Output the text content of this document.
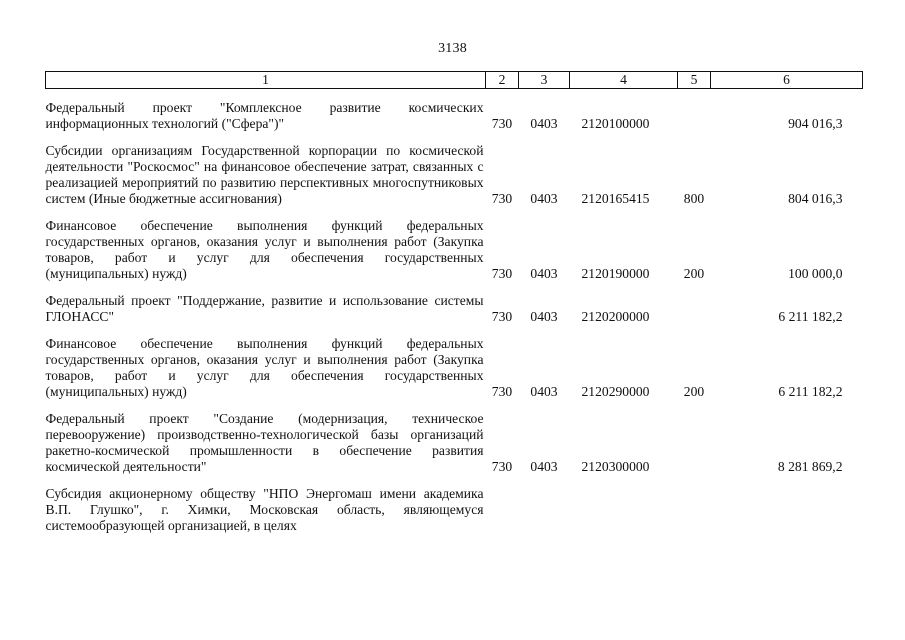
3138
1	2	3	4	5	6

Федеральный проект "Комплексное развитие космических информационных технологий ("Сфера")"	730	0403	2120100000		904 016,3

Субсидии организациям Государственной корпорации по космической деятельности "Роскосмос" на финансовое обеспечение затрат, связанных с реализацией мероприятий по развитию перспективных многоспутниковых систем (Иные бюджетные ассигнования)	730	0403	2120165415	800	804 016,3

Финансовое обеспечение выполнения функций федеральных государственных органов, оказания услуг и выполнения работ (Закупка товаров, работ и услуг для обеспечения государственных (муниципальных) нужд)	730	0403	2120190000	200	100 000,0

Федеральный проект "Поддержание, развитие и использование системы ГЛОНАСС"	730	0403	2120200000		6 211 182,2

Финансовое обеспечение выполнения функций федеральных государственных органов, оказания услуг и выполнения работ (Закупка товаров, работ и услуг для обеспечения государственных (муниципальных) нужд)	730	0403	2120290000	200	6 211 182,2

Федеральный проект "Создание (модернизация, техническое перевооружение) производственно-технологической базы организаций ракетно-космической промышленности в обеспечение развития космической деятельности"	730	0403	2120300000		8 281 869,2

Субсидия акционерному обществу "НПО Энергомаш имени академика В.П. Глушко", г. Химки, Московская область, являющемуся системообразующей организацией, в целях					
